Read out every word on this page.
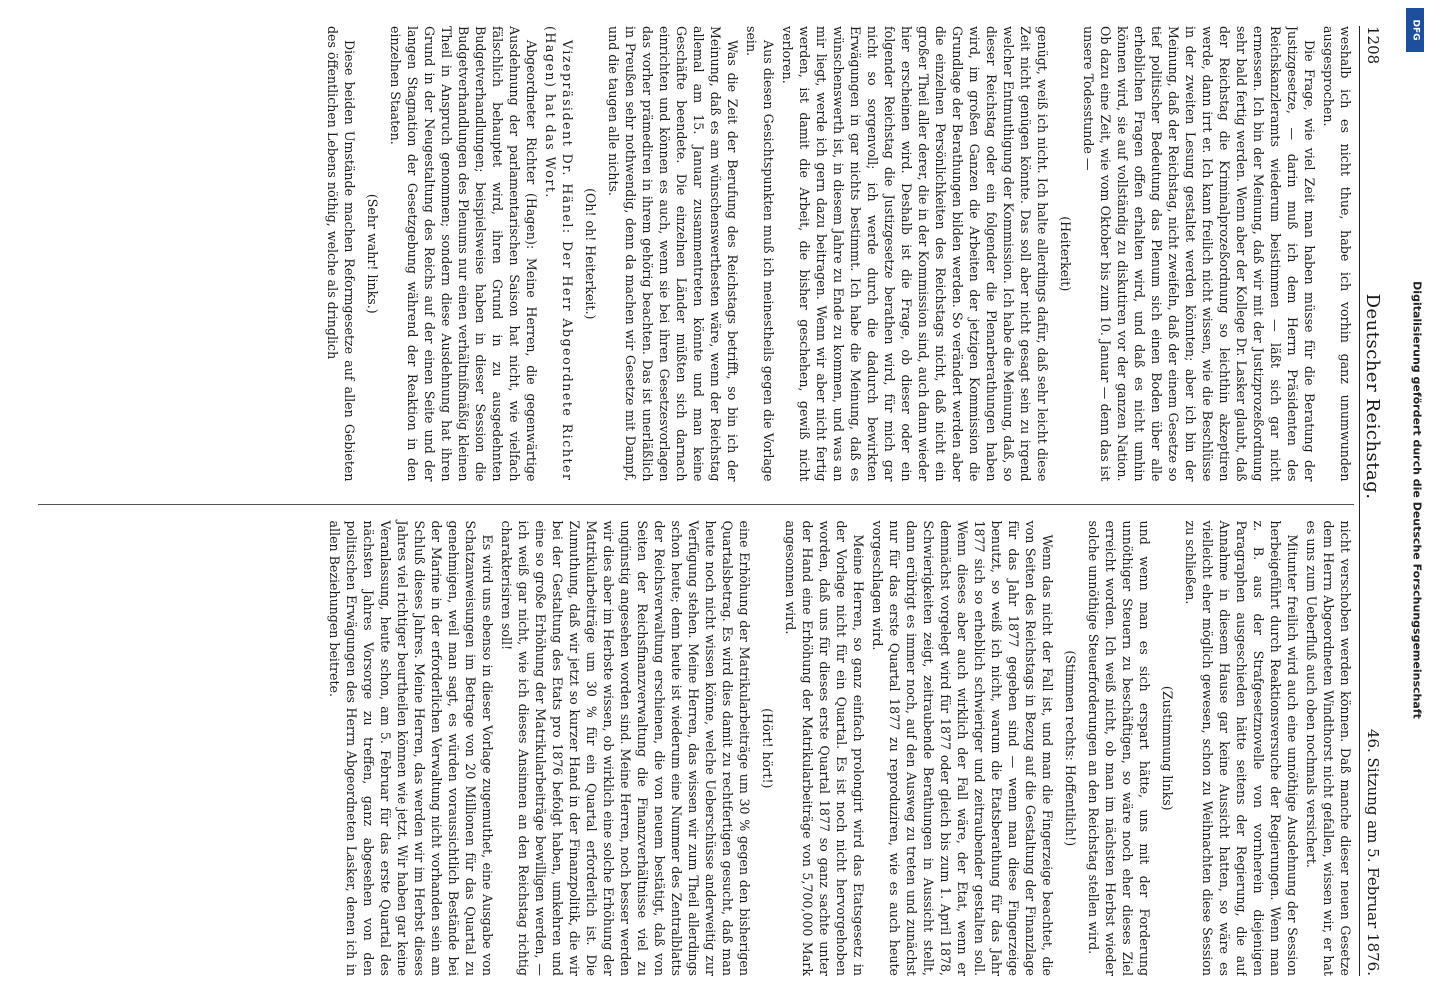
1208
Deutscher Reichstag.
46. Sitzung am 5. Februar 1876.

weshalb ich es nicht thue, habe ich vorhin ganz unumwunden ausgesprochen.

Die Frage, wie viel Zeit man haben müsse für die Beratung der Justizgesetze, — darin muß ich dem Herrn Präsidenten des Reichskanzleramts wiederum beistimmen — läßt sich gar nicht ermessen. Ich bin der Meinung, daß wir mit der Justizprozeßordnung sehr bald fertig werden. Wenn aber der Kollege Dr. Lasker glaubt, daß der Reichstag die Kriminalprozeßordnung so leichthin akzeptiren werde, dann irrt er. Ich kann freilich nicht wissen, wie die Beschlüsse in der zweiten Lesung gestaltet werden könnten; aber ich bin der Meinung, daß der Reichstag, nicht zweifeln, daß der einem Gesetze so tief politischer Bedeutung das Plenum sich einen Boden über alle erheblichen Fragen offen erhalten wird, und daß es nicht umhin können wird, sie auf vollständig zu diskutiren vor der ganzen Nation. Ob dazu eine Zeit, wie vom Oktober bis zum 10. Januar — denn das ist unsere Todesstunde —

(Heiterkeit)

genügt, weiß ich nicht. Ich halte allerdings dafür, daß sehr leicht diese Zeit nicht genügen könnte. Das soll aber nicht gesagt sein zu irgend welcher Entmuthigung der Kommission. Ich habe die Meinung, daß, so dieser Reichstag oder ein folgender die Plenarberathungen haben wird, im großen Ganzen die Arbeiten der jetzigen Kommission die Grundlage der Berathungen bilden werden. So verändert werden aber die einzelnen Persönlichkeiten des Reichstags nicht, daß nicht ein großer Theil aller derer, die in der Kommission sind, auch dann wieder hier erscheinen wird. Deshalb ist die Frage, ob dieser oder ein folgender Reichstag die Justizgesetze berathen wird, für mich gar nicht so sorgenvoll; ich werde durch die dadurch bewirkten Erwägungen in gar nichts bestimmt. Ich habe die Meinung, daß es wünschenswerth ist, in diesem Jahre zu Ende zu kommen, und was an mir liegt, werde ich gern dazu beitragen. Wenn wir aber nicht fertig werden, ist damit die Arbeit, die bisher geschehen, gewiß nicht verloren.

Aus diesen Gesichtspunkten muß ich meinestheils gegen die Vorlage sein.

Was die Zeit der Berufung des Reichstags betrifft, so bin ich der Meinung, daß es am wünschenswerthesten wäre, wenn der Reichstag allemal am 15. Januar zusammentreten könnte und man keine Geschäfte beendete. Die einzelnen Länder müßten sich darnach einrichten und können es auch, wenn sie bei ihren Gesetzesvorlagen das vorher prämediren in ihrem gehörig beachten. Das ist unerläßlich in Preußen sehr nothwendig, denn da machen wir Gesetze mit Dampf, und die taugen alle nichts.

(Oh! oh! Heiterkeit.)

Vizepräsident Dr. Hänel: Der Herr Abgeordnete Richter (Hagen) hat das Wort.

Abgeordneter Richter (Hagen): Meine Herren, die gegenwärtige Ausdehnung der parlamentarischen Saison hat nicht, wie vielfach fälschlich behauptet wird, ihren Grund in zu ausgedehnten Budgetverhandlungen; beispielsweise haben in dieser Session die Budgetverhandlungen des Plenums nur einen verhältnißmäßig kleinen Theil in Anspruch genommen; sondern diese Ausdehnung hat ihren Grund in der Neugestaltung des Reichs auf der einen Seite und der langen Stagnation der Gesetzgebung während der Reaktion in den einzelnen Staaten.

(Sehr wahr! links.)

Diese beiden Umstände machen Reformgesetze auf allen Gebieten des öffentlichen Lebens nöthig, welche als dringlich

nicht verschoben werden können. Daß manche dieser neuen Gesetze dem Herrn Abgeordneten Windthorst nicht gefallen, wissen wir, er hat es uns zum Ueberfluß auch oben nochmals versichert.

Mitunter freilich wird auch eine unnöthige Ausdehnung der Session herbeigeführt durch Reaktionsversuche der Regierungen. Wenn man z. B. aus der Strafgesetznovelle von vornherein diejenigen Paragraphen ausgeschieden hätte seitens der Regierung, die auf Annahme in diesem Hause gar keine Aussicht hatten, so wäre es vielleicht eher möglich gewesen, schon zu Weihnachten diese Session zu schließen.

(Zustimmung links)

und wenn man es sich erspart hätte, uns mit der Forderung unnöthiger Steuern zu beschäftigen, so wäre noch eher dieses Ziel erreicht worden. Ich weiß nicht, ob man im nächsten Herbst wieder solche unnöthige Steuerforderungen an den Reichstag stellen wird.

(Stimmen rechts: Hoffentlich!)

Wenn das nicht der Fall ist, und man die Fingerzeige beachtet, die von Seiten des Reichstags in Bezug auf die Gestaltung der Finanzlage für das Jahr 1877 gegeben sind — wenn man diese Fingerzeige benutzt, so weiß ich nicht, warum die Etatsberathung für das Jahr 1877 sich so erheblich schwieriger und zeitraubender gestalten soll. Wenn dieses aber auch wirklich der Fall wäre, der Etat, wenn er demnächst vorgelegt wird für 1877 oder gleich bis zum 1. April 1878, Schwierigkeiten zeigt, zeitraubende Berathungen in Aussicht stellt, dann erübrigt es immer noch, auf den Ausweg zu treten und zunächst nur für das erste Quartal 1877 zu reproduziren, wie es auch heute vorgeschlagen wird.

Meine Herren, so ganz einfach prolongirt wird das Etatsgesetz in der Vorlage nicht für ein Quartal. Es ist noch nicht hervorgehoben worden, daß uns für dieses erste Quartal 1877 so ganz sachte unter der Hand eine Erhöhung der Matrikularbeiträge von 5,700,000 Mark angesonnen wird.

(Hört! hört!)

eine Erhöhung der Matrikularbeiträge um 30 % gegen den bisherigen Quartalsbetrag. Es wird dies damit zu rechtfertigen gesucht, daß man heute noch nicht wissen könne, welche Ueberschüsse anderweitig zur Verfügung stehen. Meine Herren, das wissen wir zum Theil allerdings schon heute; denn heute ist wiederum eine Nummer des Zentralblatts der Reichsverwaltung erschienen, die von neuem bestätigt, daß von Seiten der Reichsfinanzverwaltung die Finanzverhältnisse viel zu ungünstig angesehen worden sind. Meine Herren, noch besser werden wir dies aber im Herbste wissen, ob wirklich eine solche Erhöhung der Matrikularbeiträge um 30 % für ein Quartal erforderlich ist. Die Zumuthung, daß wir jetzt so kurzer Hand in der Finanzpolitik, die wir bei der Gestaltung des Etats pro 1876 befolgt haben, umkehren und eine so große Erhöhung der Matrikularbeiträge bewilligen werden, — ich weiß gar nicht, wie ich dieses Ansinnen an den Reichstag richtig charakterisiren soll!

Es wird uns ebenso in dieser Vorlage zugemuthet, eine Ausgabe von Schatzanweisungen im Betrage von 20 Millionen für das Quartal zu genehmigen, weil man sagt, es würden voraussichtlich Bestände bei der Marine in der erforderlichen Verwaltung nicht vorhanden sein am Schluß dieses Jahres. Meine Herren, das werden wir im Herbst dieses Jahres viel richtiger beurtheilen können wie jetzt. Wir haben gar keine Veranlassung, heute schon, am 5. Februar für das erste Quartal des nächsten Jahres Vorsorge zu treffen, ganz abgesehen von den politischen Erwägungen des Herrn Abgeordneten Lasker, denen ich in allen Beziehungen beitrete.	Digitalisierung gefördert durch die Deutsche Forschungsgemeinschaft
DFG
